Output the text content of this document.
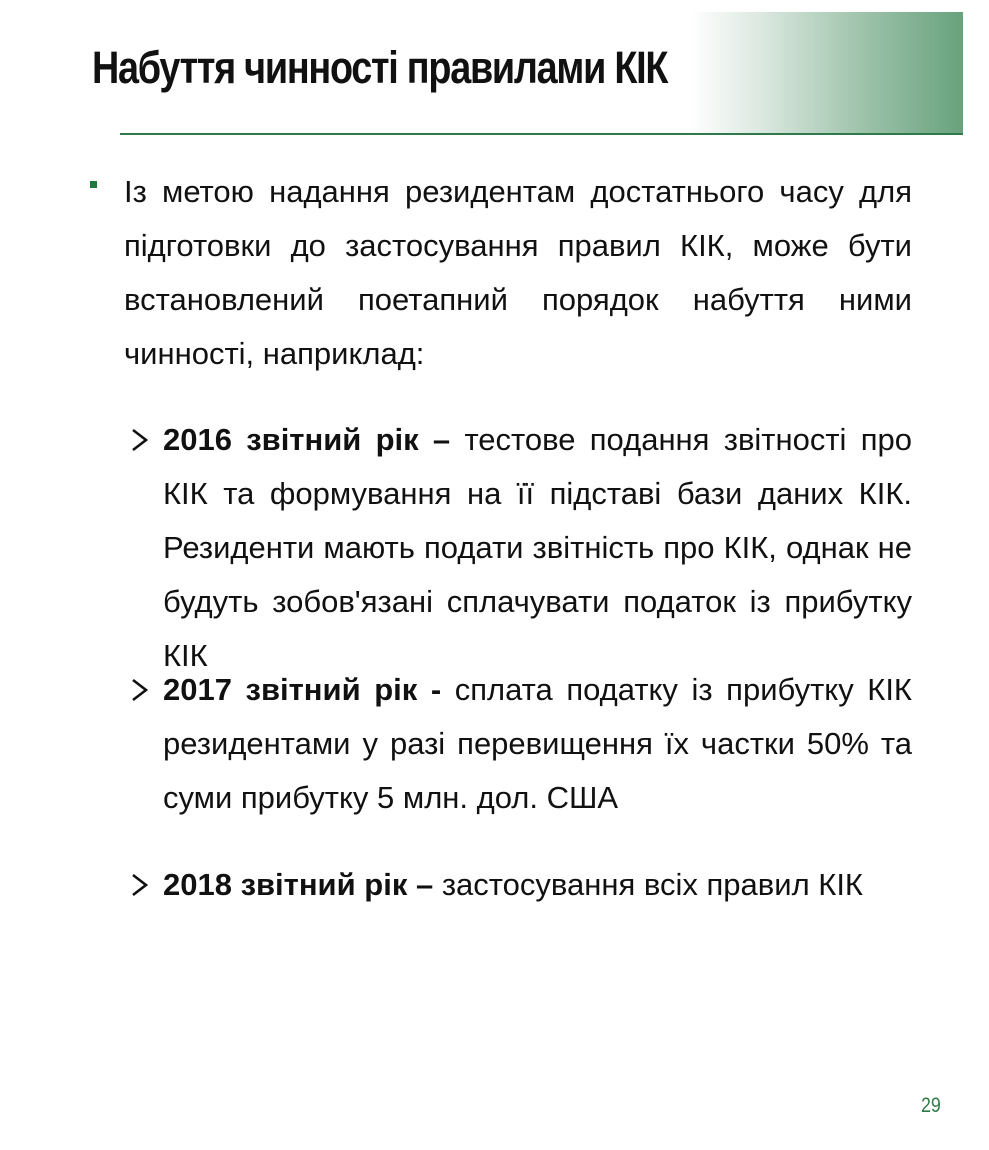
Набуття чинності правилами КІК

Із метою надання резидентам достатнього часу для підготовки до застосування правил КІК, може бути встановлений поетапний порядок набуття ними чинності, наприклад:

2016 звітний рік – тестове подання звітності про КІК та формування на її підставі бази даних КІК. Резиденти мають подати звітність про КІК, однак не будуть зобов'язані сплачувати податок із прибутку КІК

2017 звітний рік - сплата податку із прибутку КІК резидентами у разі перевищення їх частки 50% та суми прибутку 5 млн. дол. США

2018 звітний рік – застосування всіх правил КІК

29
